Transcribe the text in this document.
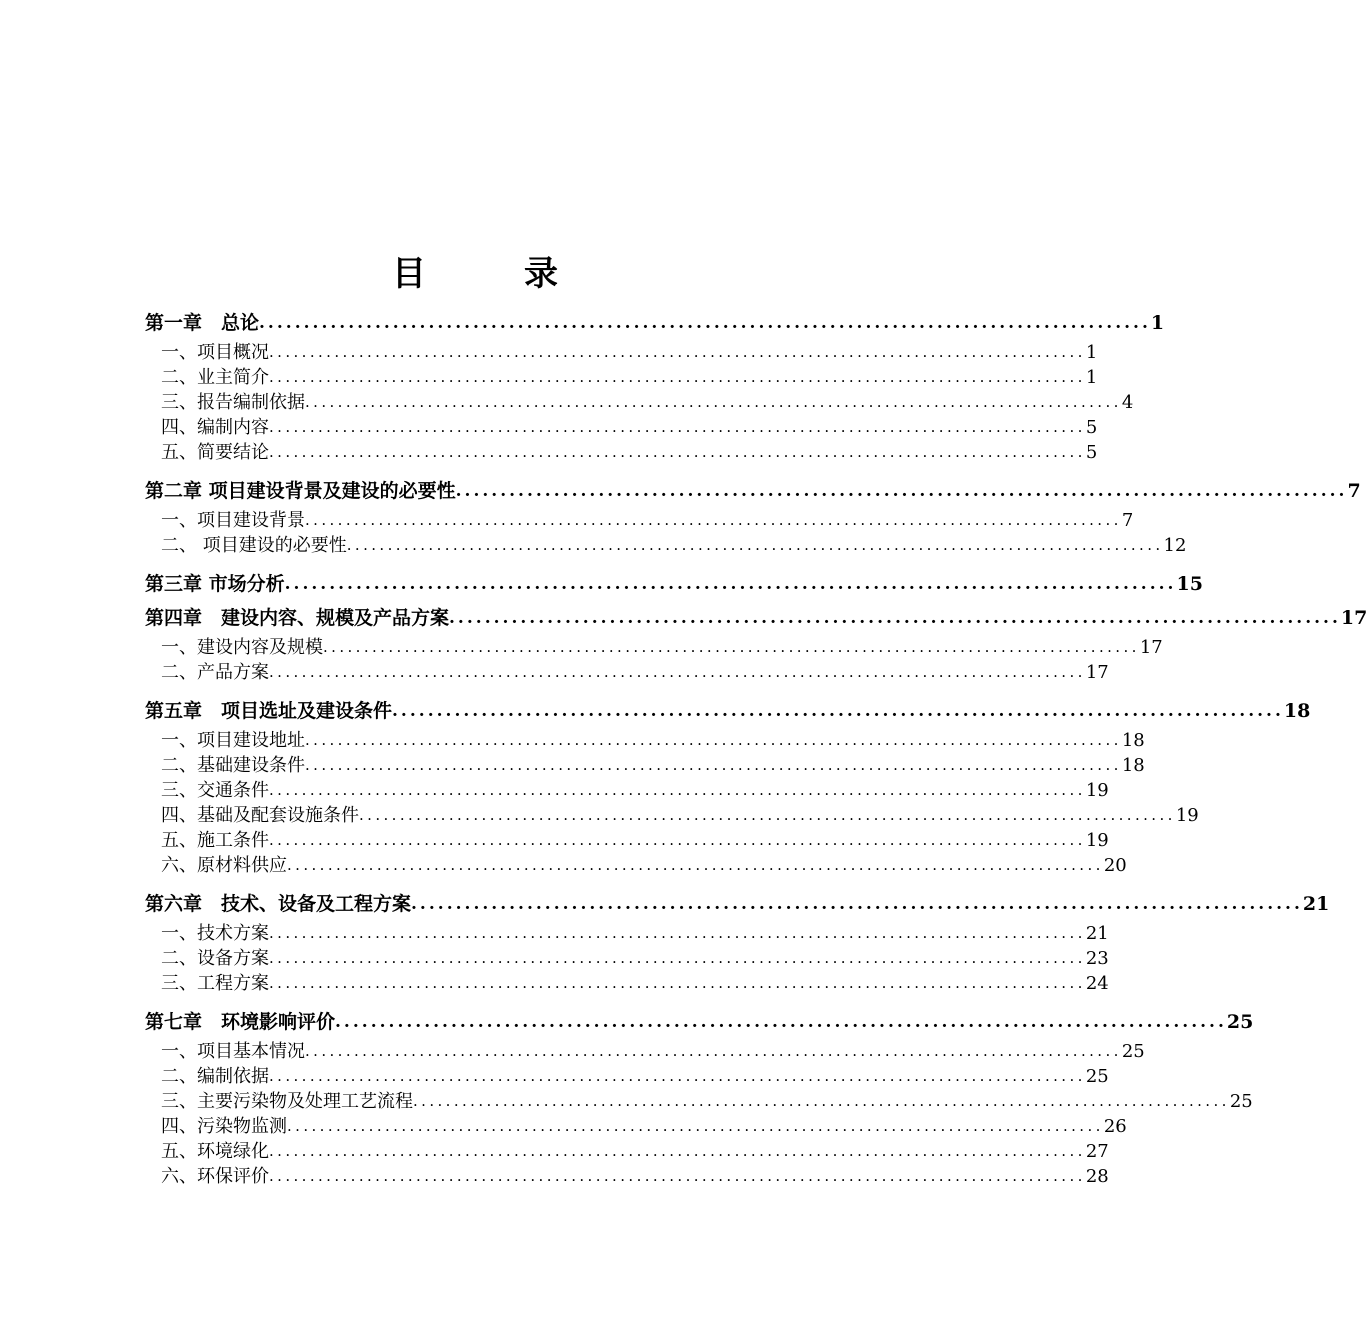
目　录
第一章　总论 .................................................................................................... 1
一、项目概况 .................................................................................................... 1
二、业主简介 .................................................................................................... 1
三、报告编制依据 .................................................................................................... 4
四、编制内容 .................................................................................................... 5
五、简要结论 .................................................................................................... 5
第二章 项目建设背景及建设的必要性 .................................................................................................... 7
一、项目建设背景 .................................................................................................... 7
二、 项目建设的必要性 .................................................................................................... 12
第三章 市场分析 .................................................................................................... 15
第四章　建设内容、规模及产品方案 .................................................................................................... 17
一、建设内容及规模 .................................................................................................... 17
二、产品方案 .................................................................................................... 17
第五章　项目选址及建设条件 .................................................................................................... 18
一、项目建设地址 .................................................................................................... 18
二、基础建设条件 .................................................................................................... 18
三、交通条件 .................................................................................................... 19
四、基础及配套设施条件 .................................................................................................... 19
五、施工条件 .................................................................................................... 19
六、原材料供应 .................................................................................................... 20
第六章　技术、设备及工程方案 .................................................................................................... 21
一、技术方案 .................................................................................................... 21
二、设备方案 .................................................................................................... 23
三、工程方案 .................................................................................................... 24
第七章　环境影响评价 .................................................................................................... 25
一、项目基本情况 .................................................................................................... 25
二、编制依据 .................................................................................................... 25
三、主要污染物及处理工艺流程 .................................................................................................... 25
四、污染物监测 .................................................................................................... 26
五、环境绿化 .................................................................................................... 27
六、环保评价 .................................................................................................... 28
